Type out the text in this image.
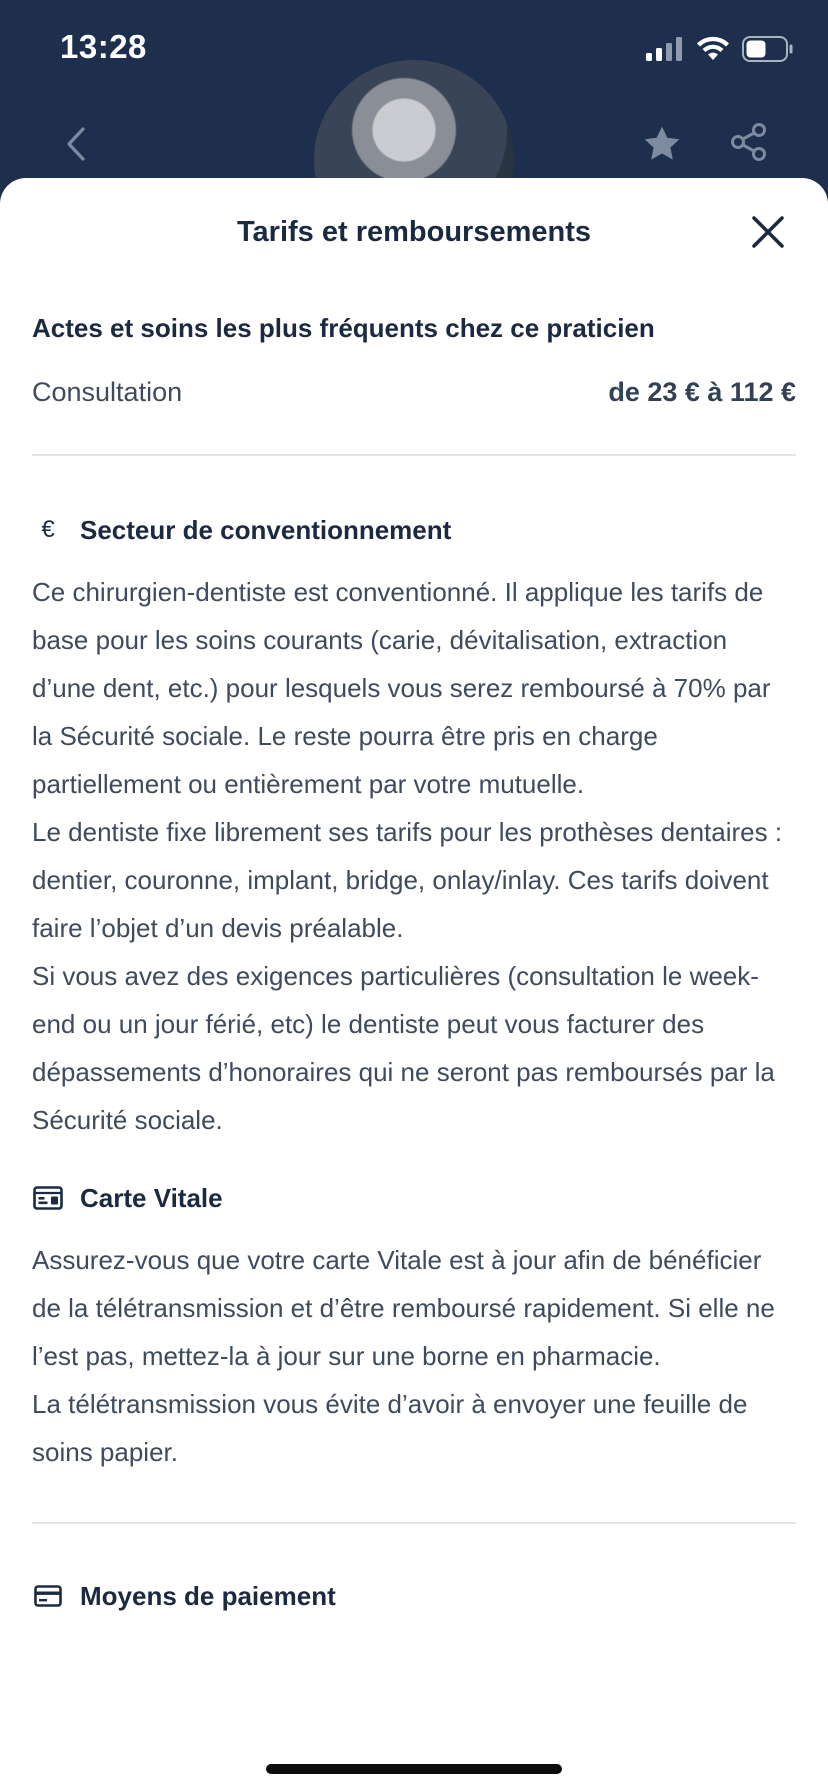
13:28
Tarifs et remboursements
Actes et soins les plus fréquents chez ce praticien
Consultation	de 23 € à 112 €
€ Secteur de conventionnement

Ce chirurgien-dentiste est conventionné. Il applique les tarifs de base pour les soins courants (carie, dévitalisation, extraction d’une dent, etc.) pour lesquels vous serez remboursé à 70% par la Sécurité sociale. Le reste pourra être pris en charge partiellement ou entièrement par votre mutuelle.

Le dentiste fixe librement ses tarifs pour les prothèses dentaires : dentier, couronne, implant, bridge, onlay/inlay. Ces tarifs doivent faire l’objet d’un devis préalable.

Si vous avez des exigences particulières (consultation le week-end ou un jour férié, etc) le dentiste peut vous facturer des dépassements d’honoraires qui ne seront pas remboursés par la Sécurité sociale.

Carte Vitale

Assurez-vous que votre carte Vitale est à jour afin de bénéficier de la télétransmission et d’être remboursé rapidement. Si elle ne l’est pas, mettez-la à jour sur une borne en pharmacie.

La télétransmission vous évite d’avoir à envoyer une feuille de soins papier.

Moyens de paiement
